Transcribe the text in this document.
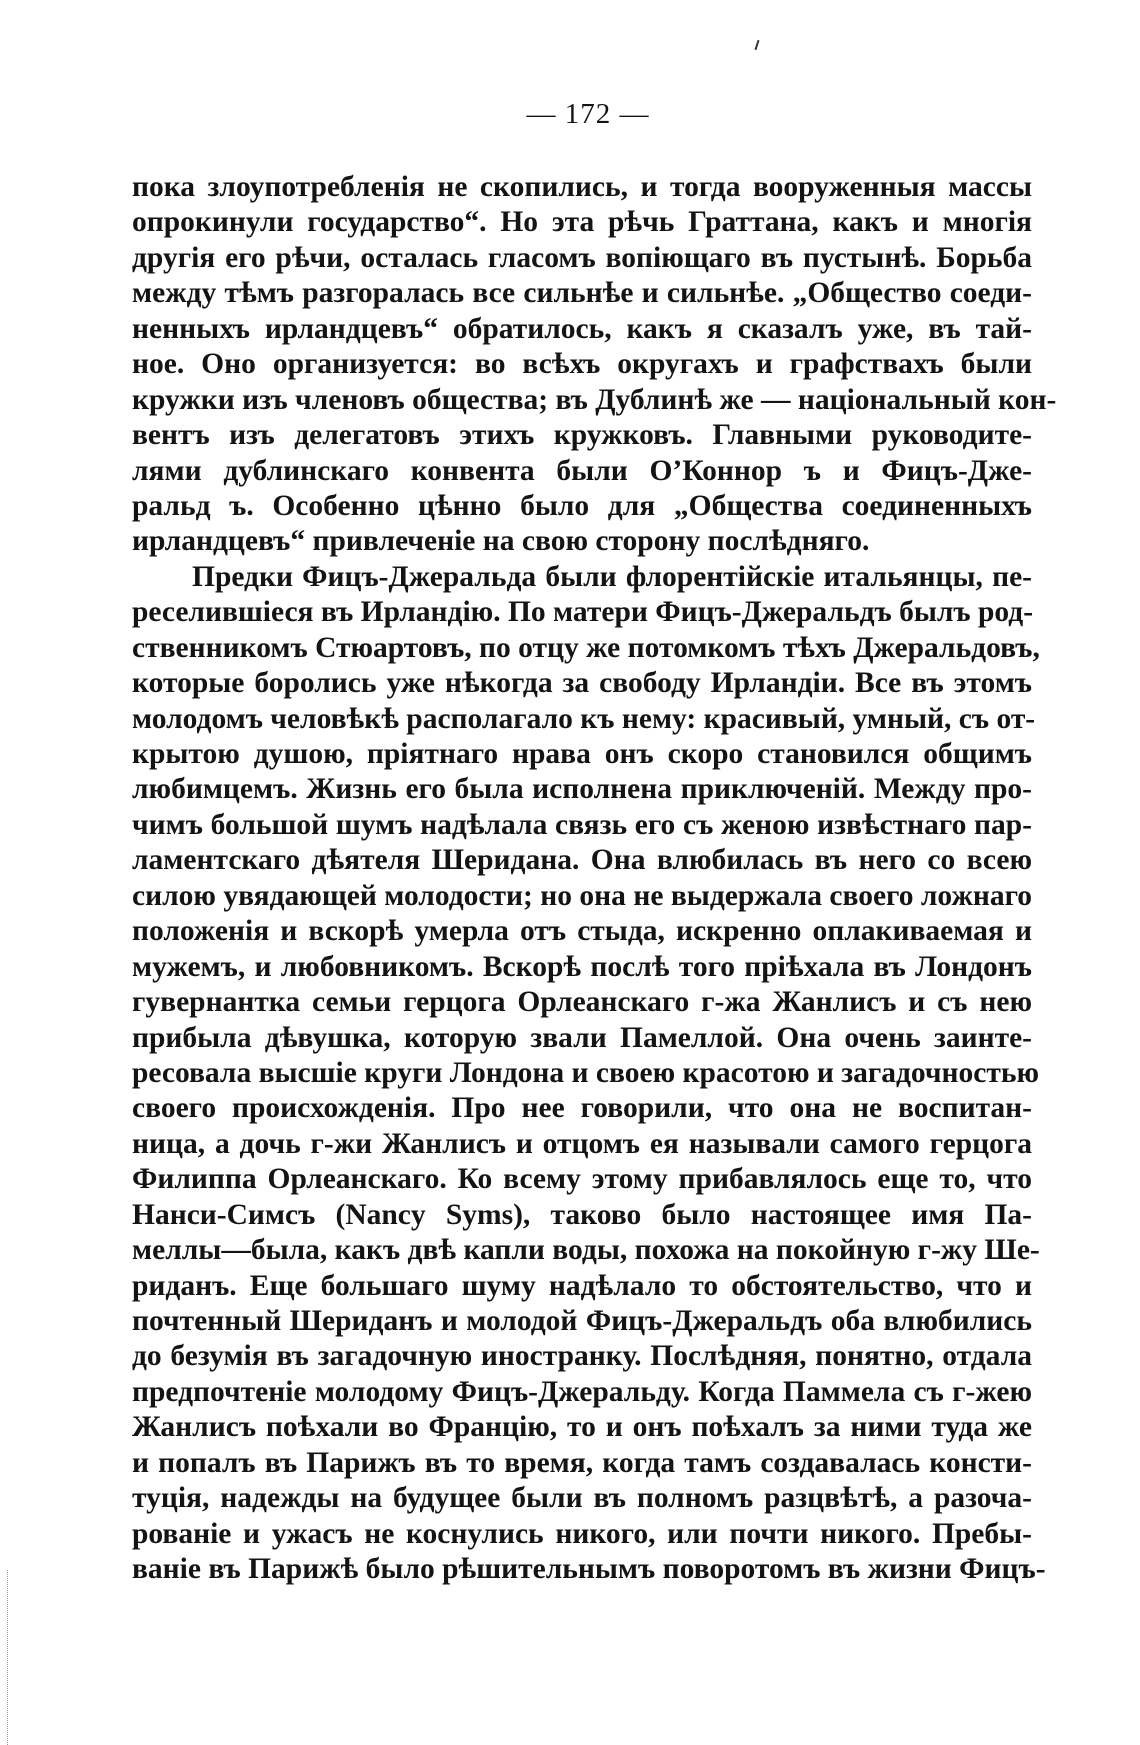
— 172 —
пока злоупотребленія не скопились, и тогда вооруженныя массы
опрокинули государство“. Но эта рѣчь Граттана, какъ и многія
другія его рѣчи, осталась гласомъ вопіющаго въ пустынѣ. Борьба
между тѣмъ разгоралась все сильнѣе и сильнѣе. „Общество соеди-
ненныхъ ирландцевъ“ обратилось, какъ я сказалъ уже, въ тай-
ное. Оно организуется: во всѣхъ округахъ и графствахъ были
кружки изъ членовъ общества; въ Дублинѣ же — національный кон-
вентъ изъ делегатовъ этихъ кружковъ. Главными руководите-
лями дублинскаго конвента были О’Коннор ъ и Фицъ-Дже-
ральд ъ. Особенно цѣнно было для „Общества соединенныхъ
ирландцевъ“ привлеченіе на свою сторону послѣдняго.
Предки Фицъ-Джеральда были флорентійскіе итальянцы, пе-
реселившіеся въ Ирландію. По матери Фицъ-Джеральдъ былъ род-
ственникомъ Стюартовъ, по отцу же потомкомъ тѣхъ Джеральдовъ,
которые боролись уже нѣкогда за свободу Ирландіи. Все въ этомъ
молодомъ человѣкѣ располагало къ нему: красивый, умный, съ от-
крытою душою, пріятнаго нрава онъ скоро становился общимъ
любимцемъ. Жизнь его была исполнена приключеній. Между про-
чимъ большой шумъ надѣлала связь его съ женою извѣстнаго пар-
ламентскаго дѣятеля Шеридана. Она влюбилась въ него со всею
силою увядающей молодости; но она не выдержала своего ложнаго
положенія и вскорѣ умерла отъ стыда, искренно оплакиваемая и
мужемъ, и любовникомъ. Вскорѣ послѣ того пріѣхала въ Лондонъ
гувернантка семьи герцога Орлеанскаго г-жа Жанлисъ и съ нею
прибыла дѣвушка, которую звали Памеллой. Она очень заинте-
ресовала высшіе круги Лондона и своею красотою и загадочностью
своего происхожденія. Про нее говорили, что она не воспитан-
ница, а дочь г-жи Жанлисъ и отцомъ ея называли самого герцога
Филиппа Орлеанскаго. Ко всему этому прибавлялось еще то, что
Нанси-Симсъ (Nancy Syms), таково было настоящее имя Па-
меллы—была, какъ двѣ капли воды, похожа на покойную г-жу Ше-
риданъ. Еще большаго шуму надѣлало то обстоятельство, что и
почтенный Шериданъ и молодой Фицъ-Джеральдъ оба влюбились
до безумія въ загадочную иностранку. Послѣдняя, понятно, отдала
предпочтеніе молодому Фицъ-Джеральду. Когда Паммела съ г-жею
Жанлисъ поѣхали во Францію, то и онъ поѣхалъ за ними туда же
и попалъ въ Парижъ въ то время, когда тамъ создавалась консти-
туція, надежды на будущее были въ полномъ разцвѣтѣ, а разоча-
рованіе и ужасъ не коснулись никого, или почти никого. Пребы-
ваніе въ Парижѣ было рѣшительнымъ поворотомъ въ жизни Фицъ-
